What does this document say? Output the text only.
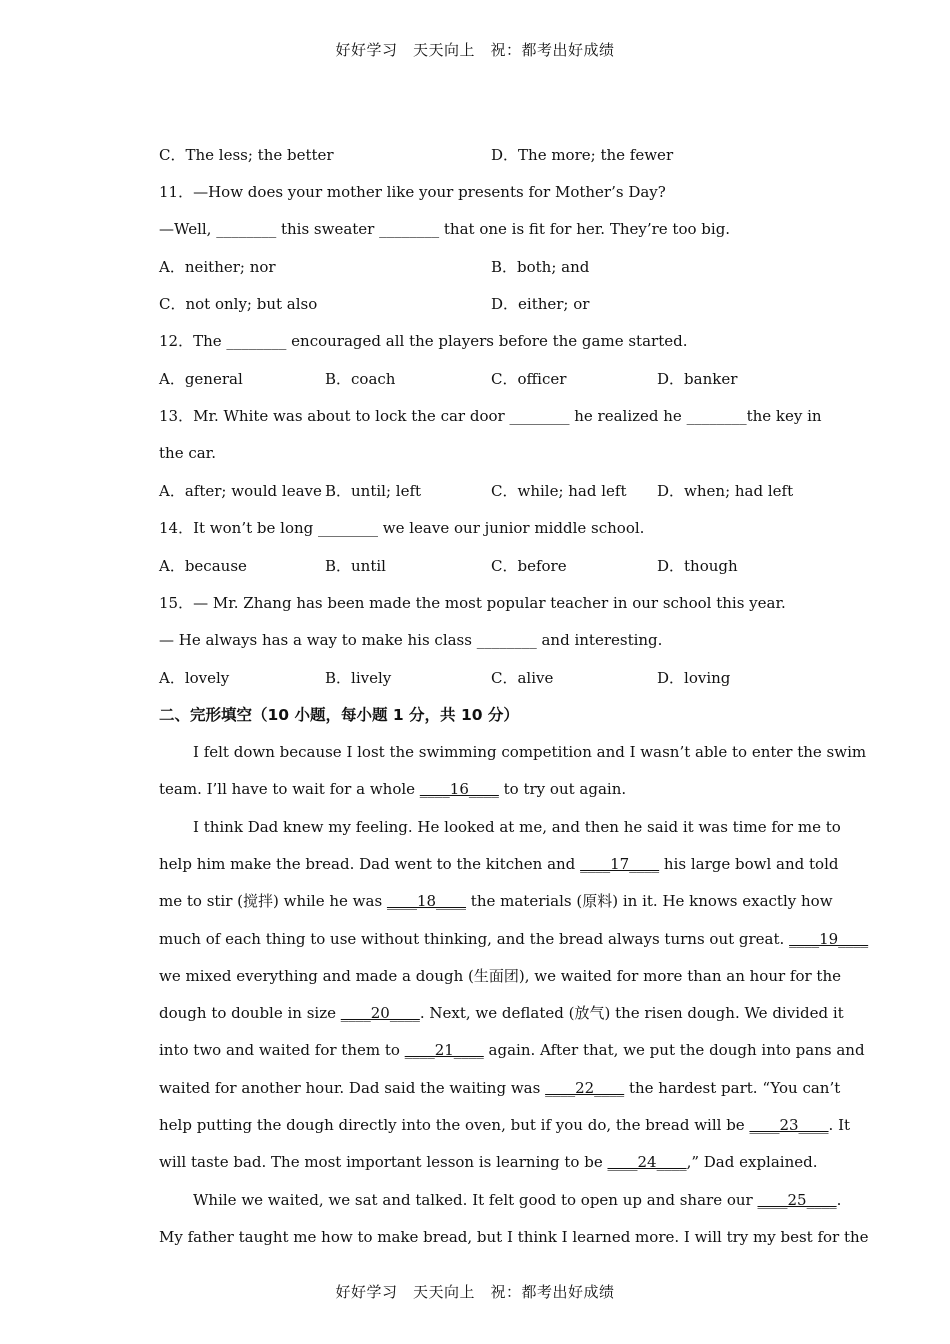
好好学习　天天向上　祝：都考出好成绩
C．The less; the better	D．The more; the fewer
11．—How does your mother like your presents for Mother’s Day?
—Well, ________ this sweater ________ that one is fit for her. They’re too big.
A．neither; nor	B．both; and
C．not only; but also	D．either; or
12．The ________ encouraged all the players before the game started.
A．general	B．coach	C．officer	D．banker
13．Mr. White was about to lock the car door ________ he realized he ________the key in
the car.
A．after; would leave B．until; left	C．while; had left D．when; had left
14．It won’t be long ________ we leave our junior middle school.
A．because	B．until	C．before	D．though
15．— Mr. Zhang has been made the most popular teacher in our school this year.
— He always has a way to make his class ________ and interesting.
A．lovely	B．lively	C．alive	D．loving
二、完形填空（10 小题，每小题 1 分，共 10 分）
I felt down because I lost the swimming competition and I wasn’t able to enter the swim
team. I’ll have to wait for a whole ____16____ to try out again.
I think Dad knew my feeling. He looked at me, and then he said it was time for me to
help him make the bread. Dad went to the kitchen and ____17____ his large bowl and told
me to stir (搅拌) while he was ____18____ the materials (原料) in it. He knows exactly how
much of each thing to use without thinking, and the bread always turns out great. ____19____
we mixed everything and made a dough (生面团), we waited for more than an hour for the
dough to double in size ____20____. Next, we deflated (放气) the risen dough. We divided it
into two and waited for them to ____21____ again. After that, we put the dough into pans and
waited for another hour. Dad said the waiting was ____22____ the hardest part. “You can’t
help putting the dough directly into the oven, but if you do, the bread will be ____23____. It
will taste bad. The most important lesson is learning to be ____24____,” Dad explained.
While we waited, we sat and talked. It felt good to open up and share our ____25____.
My father taught me how to make bread, but I think I learned more. I will try my best for the
好好学习　天天向上　祝：都考出好成绩
